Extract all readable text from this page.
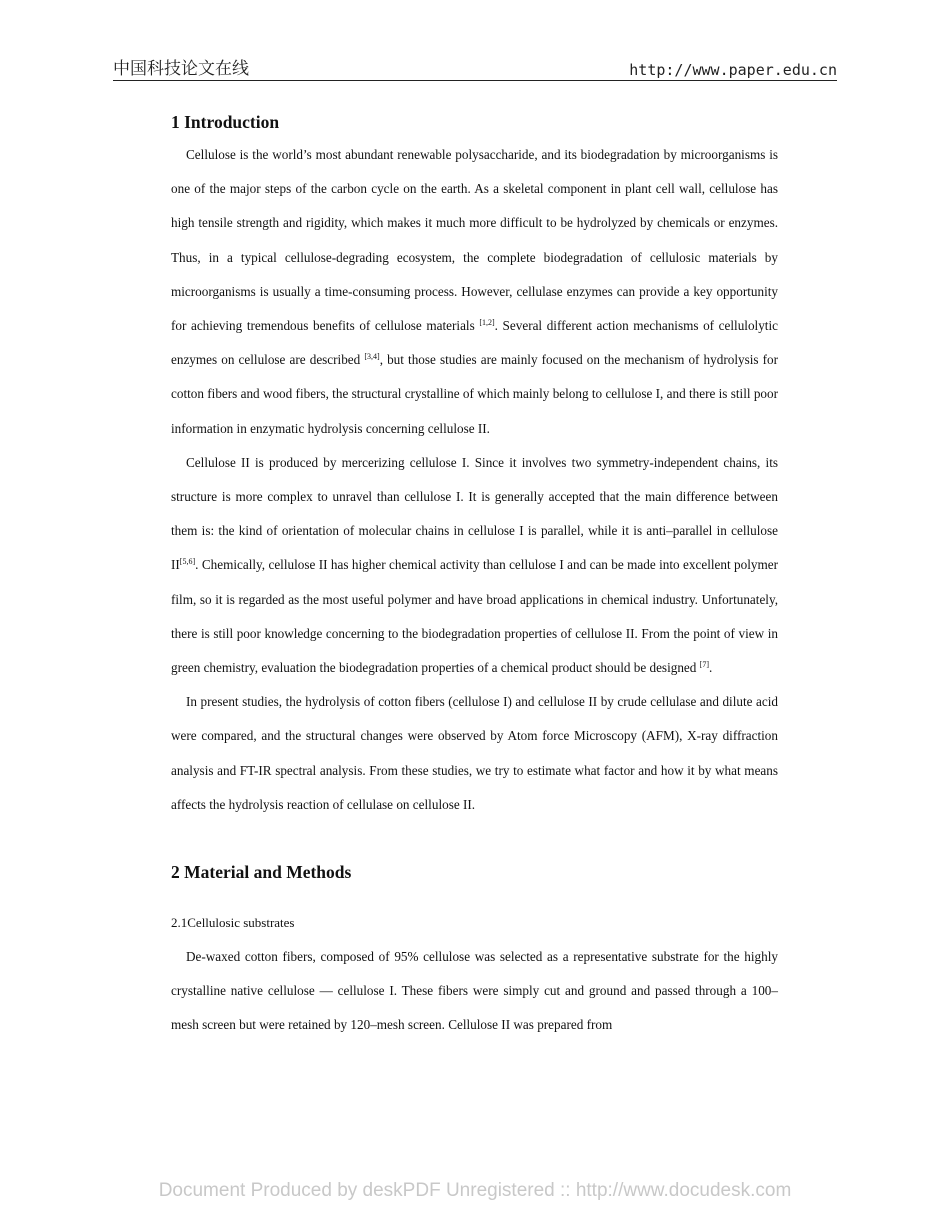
中国科技论文在线	http://www.paper.edu.cn
1 Introduction

Cellulose is the world’s most abundant renewable polysaccharide, and its biodegradation by microorganisms is one of the major steps of the carbon cycle on the earth. As a skeletal component in plant cell wall, cellulose has high tensile strength and rigidity, which makes it much more difficult to be hydrolyzed by chemicals or enzymes. Thus, in a typical cellulose-degrading ecosystem, the complete biodegradation of cellulosic materials by microorganisms is usually a time-consuming process. However, cellulase enzymes can provide a key opportunity for achieving tremendous benefits of cellulose materials [1,2]. Several different action mechanisms of cellulolytic enzymes on cellulose are described [3,4], but those studies are mainly focused on the mechanism of hydrolysis for cotton fibers and wood fibers, the structural crystalline of which mainly belong to cellulose I, and there is still poor information in enzymatic hydrolysis concerning cellulose II.

Cellulose II is produced by mercerizing cellulose I. Since it involves two symmetry-independent chains, its structure is more complex to unravel than cellulose I. It is generally accepted that the main difference between them is: the kind of orientation of molecular chains in cellulose I is parallel, while it is anti–parallel in cellulose II[5,6]. Chemically, cellulose II has higher chemical activity than cellulose I and can be made into excellent polymer film, so it is regarded as the most useful polymer and have broad applications in chemical industry. Unfortunately, there is still poor knowledge concerning to the biodegradation properties of cellulose II. From the point of view in green chemistry, evaluation the biodegradation properties of a chemical product should be designed [7].

In present studies, the hydrolysis of cotton fibers (cellulose I) and cellulose II by crude cellulase and dilute acid were compared, and the structural changes were observed by Atom force Microscopy (AFM), X-ray diffraction analysis and FT-IR spectral analysis. From these studies, we try to estimate what factor and how it by what means affects the hydrolysis reaction of cellulase on cellulose II.

2 Material and Methods
2.1Cellulosic substrates

De-waxed cotton fibers, composed of 95% cellulose was selected as a representative substrate for the highly crystalline native cellulose — cellulose I. These fibers were simply cut and ground and passed through a 100–mesh screen but were retained by 120–mesh screen. Cellulose II was prepared from

Document Produced by deskPDF Unregistered :: http://www.docudesk.com
